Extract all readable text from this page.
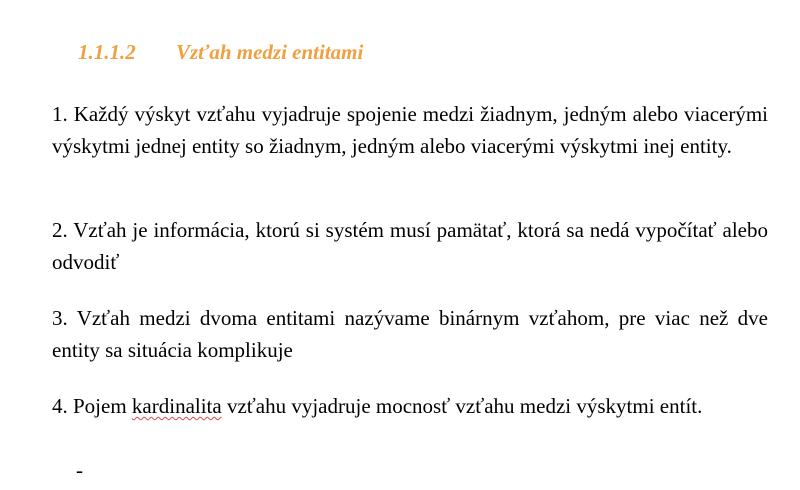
1.1.1.2 Vzťah medzi entitami
1. Každý výskyt vzťahu vyjadruje spojenie medzi žiadnym, jedným alebo viacerými výskytmi jednej entity so žiadnym, jedným alebo viacerými výskytmi inej entity.
2. Vzťah je informácia, ktorú si systém musí pamätať, ktorá sa nedá vypočítať alebo odvodiť
3. Vzťah medzi dvoma entitami nazývame binárnym vzťahom, pre viac než dve entity sa situácia komplikuje
4. Pojem kardinalita vzťahu vyjadruje mocnosť vzťahu medzi výskytmi entít.
-
